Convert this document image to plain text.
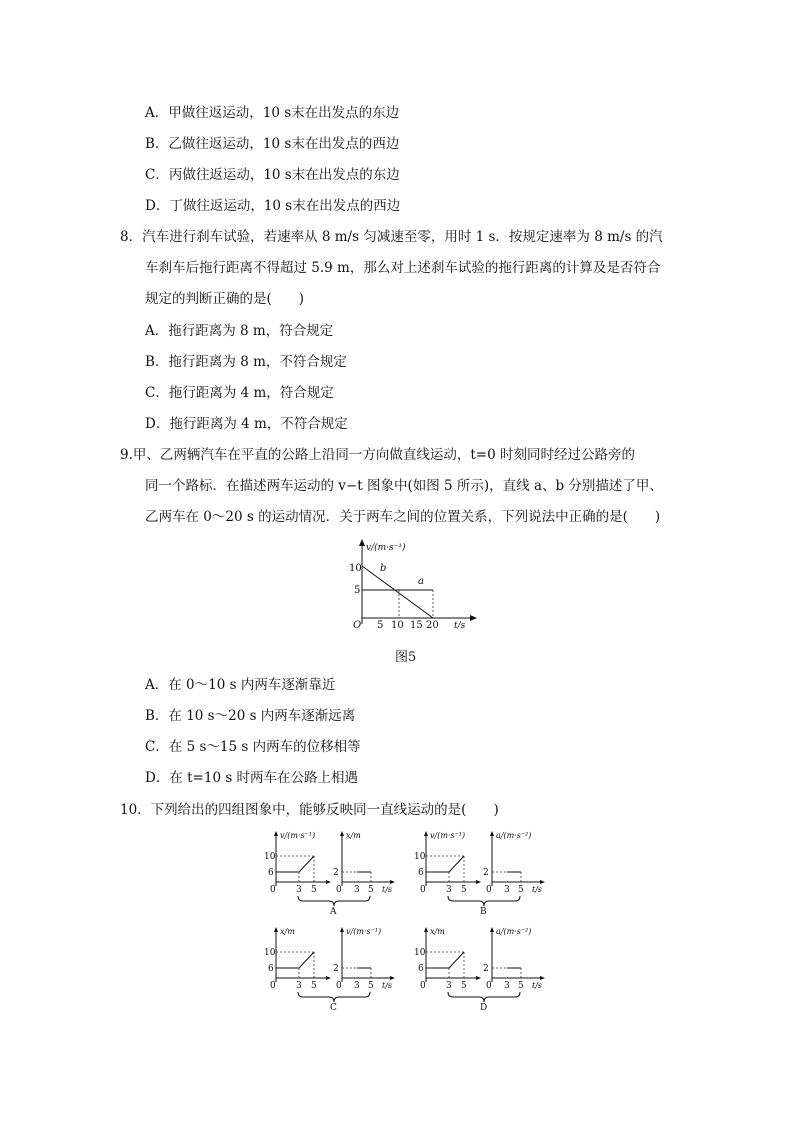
A．甲做往返运动，10 s末在出发点的东边
B．乙做往返运动，10 s末在出发点的西边
C．丙做往返运动，10 s末在出发点的东边
D．丁做往返运动，10 s末在出发点的西边
8．汽车进行刹车试验，若速率从 8 m/s 匀减速至零，用时 1 s．按规定速率为 8 m/s 的汽
车刹车后拖行距离不得超过 5.9 m，那么对上述刹车试验的拖行距离的计算及是否符合
规定的判断正确的是(　　)
A．拖行距离为 8 m，符合规定
B．拖行距离为 8 m，不符合规定
C．拖行距离为 4 m，符合规定
D．拖行距离为 4 m，不符合规定
9.甲、乙两辆汽车在平直的公路上沿同一方向做直线运动，t=0 时刻同时经过公路旁的
同一个路标．在描述两车运动的 v−t 图象中(如图 5 所示)，直线 a、b 分别描述了甲、
乙两车在 0～20 s 的运动情况．关于两车之间的位置关系，下列说法中正确的是(　　)
v/(m·s⁻¹)
t/s
O
10
5
5 10 15 20
a
b
图5
A．在 0～10 s 内两车逐渐靠近
B．在 10 s～20 s 内两车逐渐远离
C．在 5 s～15 s 内两车的位移相等
D．在 t=10 s 时两车在公路上相遇
10．下列给出的四组图象中，能够反映同一直线运动的是(　　)
v/(m·s⁻¹)
10
6
0 3 5
x/m
2
0 3 5 t/s
A
v/(m·s⁻¹)
10
6
0 3 5
a/(m·s⁻²)
2
0 3 5 t/s
B
x/m
10
6
0 3 5
v/(m·s⁻¹)
2
0 3 5 t/s
C
x/m
10
6
0 3 5
a/(m·s⁻²)
2
0 3 5 t/s
D
